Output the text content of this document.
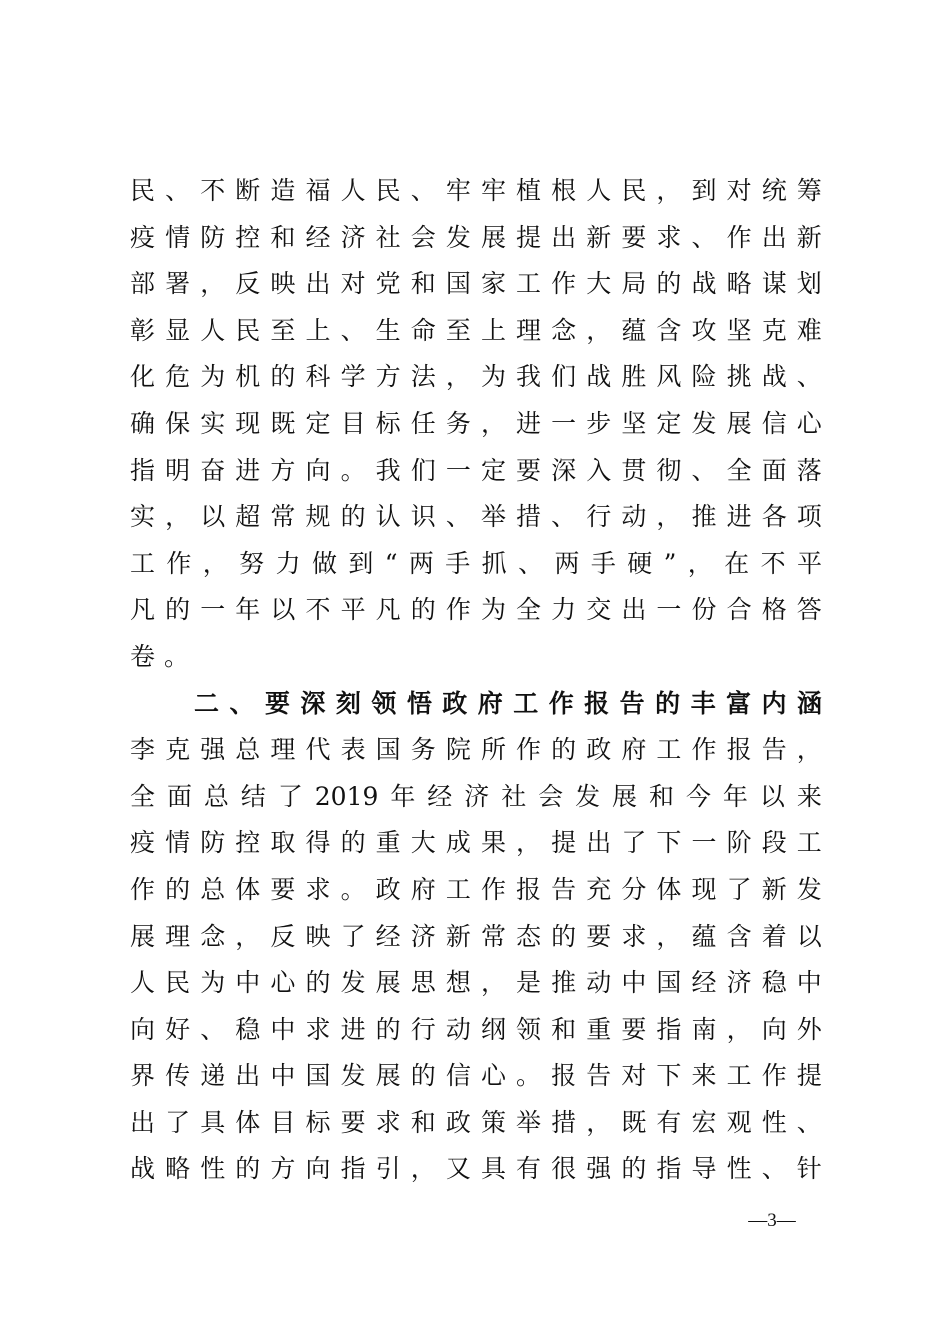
民 、 不 断 造 福 人 民 、 牢 牢 植 根 人 民 ， 到 对 统 筹
疫 情 防 控 和 经 济 社 会 发 展 提 出 新 要 求 、 作 出 新
部 署 ， 反 映 出 对 党 和 国 家 工 作 大 局 的 战 略 谋 划
彰 显 人 民 至 上 、 生 命 至 上 理 念 ， 蕴 含 攻 坚 克 难
化 危 为 机 的 科 学 方 法 ， 为 我 们 战 胜 风 险 挑 战 、
确 保 实 现 既 定 目 标 任 务 ， 进 一 步 坚 定 发 展 信 心
指 明 奋 进 方 向 。 我 们 一 定 要 深 入 贯 彻 、 全 面 落
实 ， 以 超 常 规 的 认 识 、 举 措 、 行 动 ， 推 进 各 项
工 作 ， 努 力 做 到 “ 两 手 抓 、 两 手 硬 ” ， 在 不 平
凡 的 一 年 以 不 平 凡 的 作 为 全 力 交 出 一 份 合 格 答
卷 。
二 、 要 深 刻 领 悟 政 府 工 作 报 告 的 丰 富 内 涵
李 克 强 总 理 代 表 国 务 院 所 作 的 政 府 工 作 报 告 ，
全 面 总 结 了 2019 年 经 济 社 会 发 展 和 今 年 以 来
疫 情 防 控 取 得 的 重 大 成 果 ， 提 出 了 下 一 阶 段 工
作 的 总 体 要 求 。 政 府 工 作 报 告 充 分 体 现 了 新 发
展 理 念 ， 反 映 了 经 济 新 常 态 的 要 求 ， 蕴 含 着 以
人 民 为 中 心 的 发 展 思 想 ， 是 推 动 中 国 经 济 稳 中
向 好 、 稳 中 求 进 的 行 动 纲 领 和 重 要 指 南 ， 向 外
界 传 递 出 中 国 发 展 的 信 心 。 报 告 对 下 来 工 作 提
出 了 具 体 目 标 要 求 和 政 策 举 措 ， 既 有 宏 观 性 、
战 略 性 的 方 向 指 引 ， 又 具 有 很 强 的 指 导 性 、 针
—3—
